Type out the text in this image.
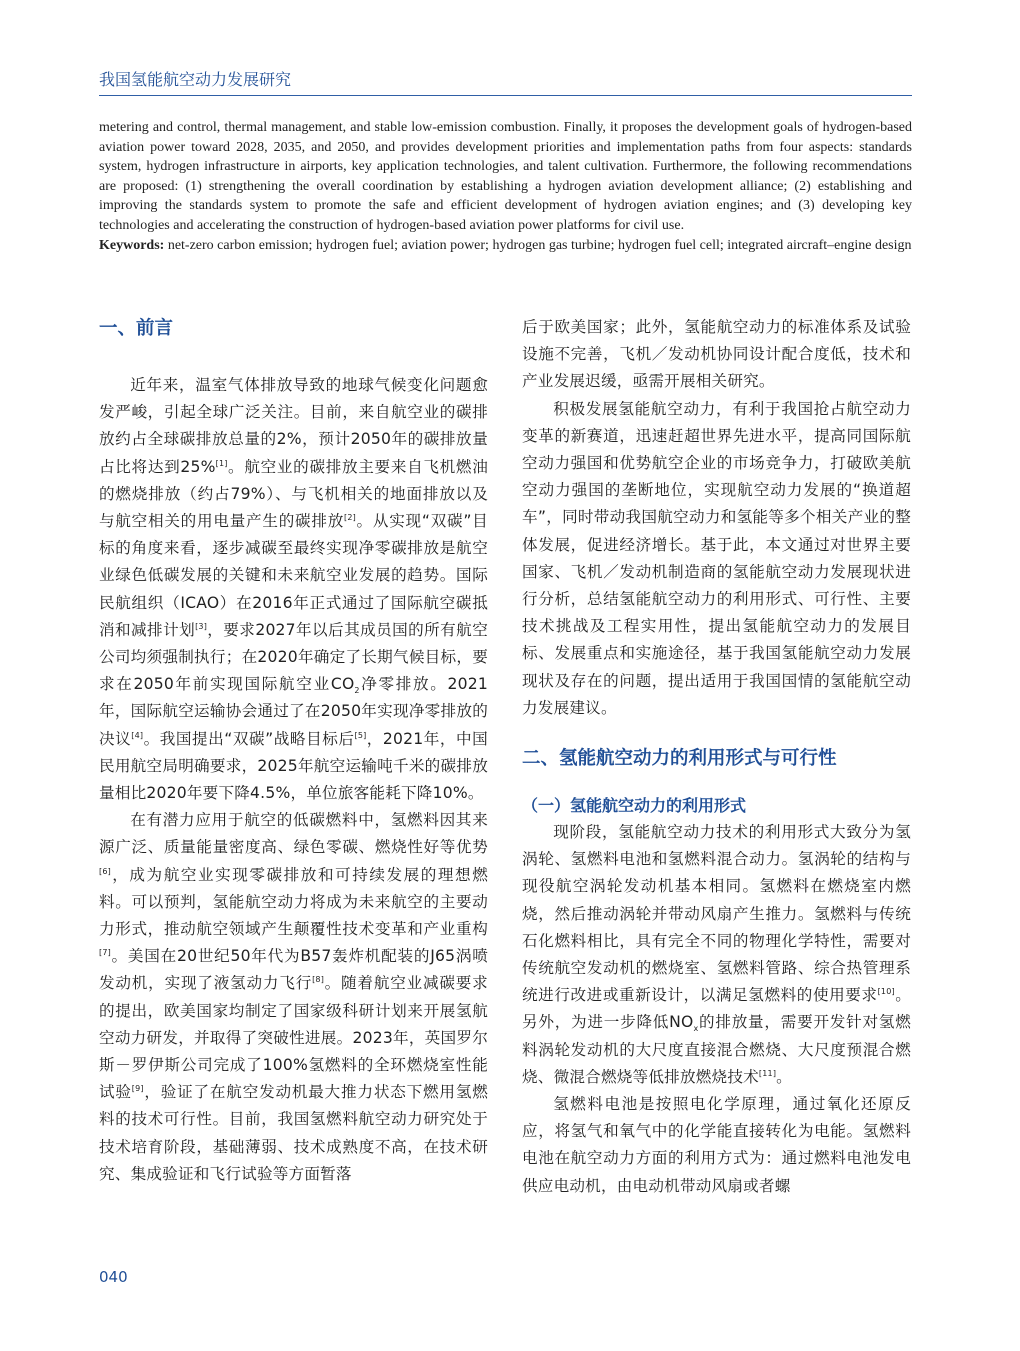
我国氢能航空动力发展研究

metering and control, thermal management, and stable low-emission combustion. Finally, it proposes the development goals of hydrogen-based aviation power toward 2028, 2035, and 2050, and provides development priorities and implementation paths from four aspects: standards system, hydrogen infrastructure in airports, key application technologies, and talent cultivation. Furthermore, the following recommendations are proposed: (1) strengthening the overall coordination by establishing a hydrogen aviation development alliance; (2) establishing and improving the standards system to promote the safe and efficient development of hydrogen aviation engines; and (3) developing key technologies and accelerating the construction of hydrogen-based aviation power platforms for civil use.

Keywords: net-zero carbon emission; hydrogen fuel; aviation power; hydrogen gas turbine; hydrogen fuel cell; integrated aircraft–engine design

一、前言

近年来，温室气体排放导致的地球气候变化问题愈发严峻，引起全球广泛关注。目前，来自航空业的碳排放约占全球碳排放总量的2%，预计2050年的碳排放量占比将达到25%[1]。航空业的碳排放主要来自飞机燃油的燃烧排放（约占79%）、与飞机相关的地面排放以及与航空相关的用电量产生的碳排放[2]。从实现“双碳”目标的角度来看，逐步减碳至最终实现净零碳排放是航空业绿色低碳发展的关键和未来航空业发展的趋势。国际民航组织（ICAO）在2016年正式通过了国际航空碳抵消和减排计划[3]，要求2027年以后其成员国的所有航空公司均须强制执行；在2020年确定了长期气候目标，要求在2050年前实现国际航空业$CO_2$净零排放。2021年，国际航空运输协会通过了在2050年实现净零排放的决议[4]。我国提出“双碳”战略目标后[5]，2021年，中国民用航空局明确要求，2025年航空运输吨千米的碳排放量相比2020年要下降4.5%，单位旅客能耗下降10%。

在有潜力应用于航空的低碳燃料中，氢燃料因其来源广泛、质量能量密度高、绿色零碳、燃烧性好等优势[6]，成为航空业实现零碳排放和可持续发展的理想燃料。可以预判，氢能航空动力将成为未来航空的主要动力形式，推动航空领域产生颠覆性技术变革和产业重构[7]。美国在20世纪50年代为B57轰炸机配装的J65涡喷发动机，实现了液氢动力飞行[8]。随着航空业减碳要求的提出，欧美国家均制定了国家级科研计划来开展氢航空动力研发，并取得了突破性进展。2023年，英国罗尔斯－罗伊斯公司完成了100%氢燃料的全环燃烧室性能试验[9]，验证了在航空发动机最大推力状态下燃用氢燃料的技术可行性。目前，我国氢燃料航空动力研究处于技术培育阶段，基础薄弱、技术成熟度不高，在技术研究、集成验证和飞行试验等方面暂落

后于欧美国家；此外，氢能航空动力的标准体系及试验设施不完善，飞机／发动机协同设计配合度低，技术和产业发展迟缓，亟需开展相关研究。

积极发展氢能航空动力，有利于我国抢占航空动力变革的新赛道，迅速赶超世界先进水平，提高同国际航空动力强国和优势航空企业的市场竞争力，打破欧美航空动力强国的垄断地位，实现航空动力发展的“换道超车”，同时带动我国航空动力和氢能等多个相关产业的整体发展，促进经济增长。基于此，本文通过对世界主要国家、飞机／发动机制造商的氢能航空动力发展现状进行分析，总结氢能航空动力的利用形式、可行性、主要技术挑战及工程实用性，提出氢能航空动力的发展目标、发展重点和实施途径，基于我国氢能航空动力发展现状及存在的问题，提出适用于我国国情的氢能航空动力发展建议。

二、氢能航空动力的利用形式与可行性
（一）氢能航空动力的利用形式

现阶段，氢能航空动力技术的利用形式大致分为氢涡轮、氢燃料电池和氢燃料混合动力。氢涡轮的结构与现役航空涡轮发动机基本相同。氢燃料在燃烧室内燃烧，然后推动涡轮并带动风扇产生推力。氢燃料与传统石化燃料相比，具有完全不同的物理化学特性，需要对传统航空发动机的燃烧室、氢燃料管路、综合热管理系统进行改进或重新设计，以满足氢燃料的使用要求[10]。另外，为进一步降低$NO_x$的排放量，需要开发针对氢燃料涡轮发动机的大尺度直接混合燃烧、大尺度预混合燃烧、微混合燃烧等低排放燃烧技术[11]。

氢燃料电池是按照电化学原理，通过氧化还原反应，将氢气和氧气中的化学能直接转化为电能。氢燃料电池在航空动力方面的利用方式为：通过燃料电池发电供应电动机，由电动机带动风扇或者螺

040
